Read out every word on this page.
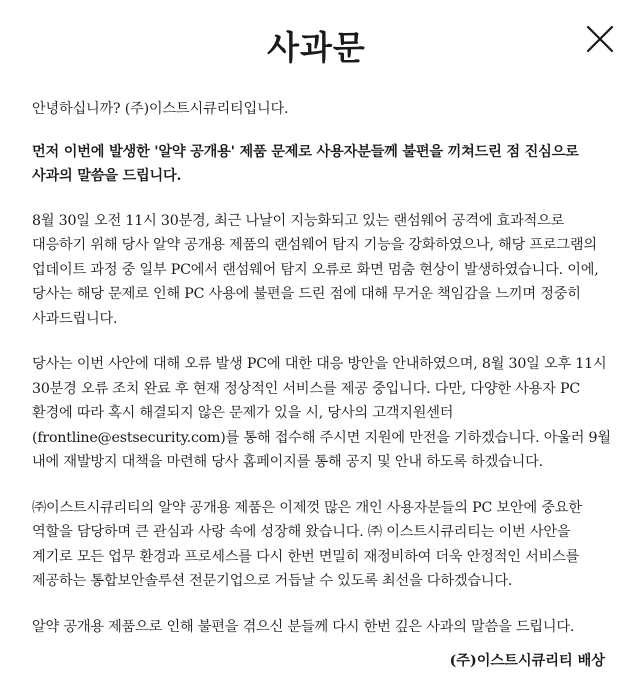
사과문

안녕하십니까? (주)이스트시큐리티입니다.

먼저 이번에 발생한 '알약 공개용' 제품 문제로 사용자분들께 불편을 끼쳐드린 점 진심으로 사과의 말씀을 드립니다.

8월 30일 오전 11시 30분경, 최근 나날이 지능화되고 있는 랜섬웨어 공격에 효과적으로 대응하기 위해 당사 알약 공개용 제품의 랜섬웨어 탐지 기능을 강화하였으나, 해당 프로그램의 업데이트 과정 중 일부 PC에서 랜섬웨어 탐지 오류로 화면 멈춤 현상이 발생하였습니다. 이에, 당사는 해당 문제로 인해 PC 사용에 불편을 드린 점에 대해 무거운 책임감을 느끼며 정중히 사과드립니다.

당사는 이번 사안에 대해 오류 발생 PC에 대한 대응 방안을 안내하였으며, 8월 30일 오후 11시 30분경 오류 조치 완료 후 현재 정상적인 서비스를 제공 중입니다. 다만, 다양한 사용자 PC 환경에 따라 혹시 해결되지 않은 문제가 있을 시, 당사의 고객지원센터(frontline@estsecurity.com)를 통해 접수해 주시면 지원에 만전을 기하겠습니다. 아울러 9월 내에 재발방지 대책을 마련해 당사 홈페이지를 통해 공지 및 안내 하도록 하겠습니다.

㈜이스트시큐리티의 알약 공개용 제품은 이제껏 많은 개인 사용자분들의 PC 보안에 중요한 역할을 담당하며 큰 관심과 사랑 속에 성장해 왔습니다. ㈜ 이스트시큐리티는 이번 사안을 계기로 모든 업무 환경과 프로세스를 다시 한번 면밀히 재정비하여 더욱 안정적인 서비스를 제공하는 통합보안솔루션 전문기업으로 거듭날 수 있도록 최선을 다하겠습니다.

알약 공개용 제품으로 인해 불편을 겪으신 분들께 다시 한번 깊은 사과의 말씀을 드립니다.

(주)이스트시큐리티 배상
